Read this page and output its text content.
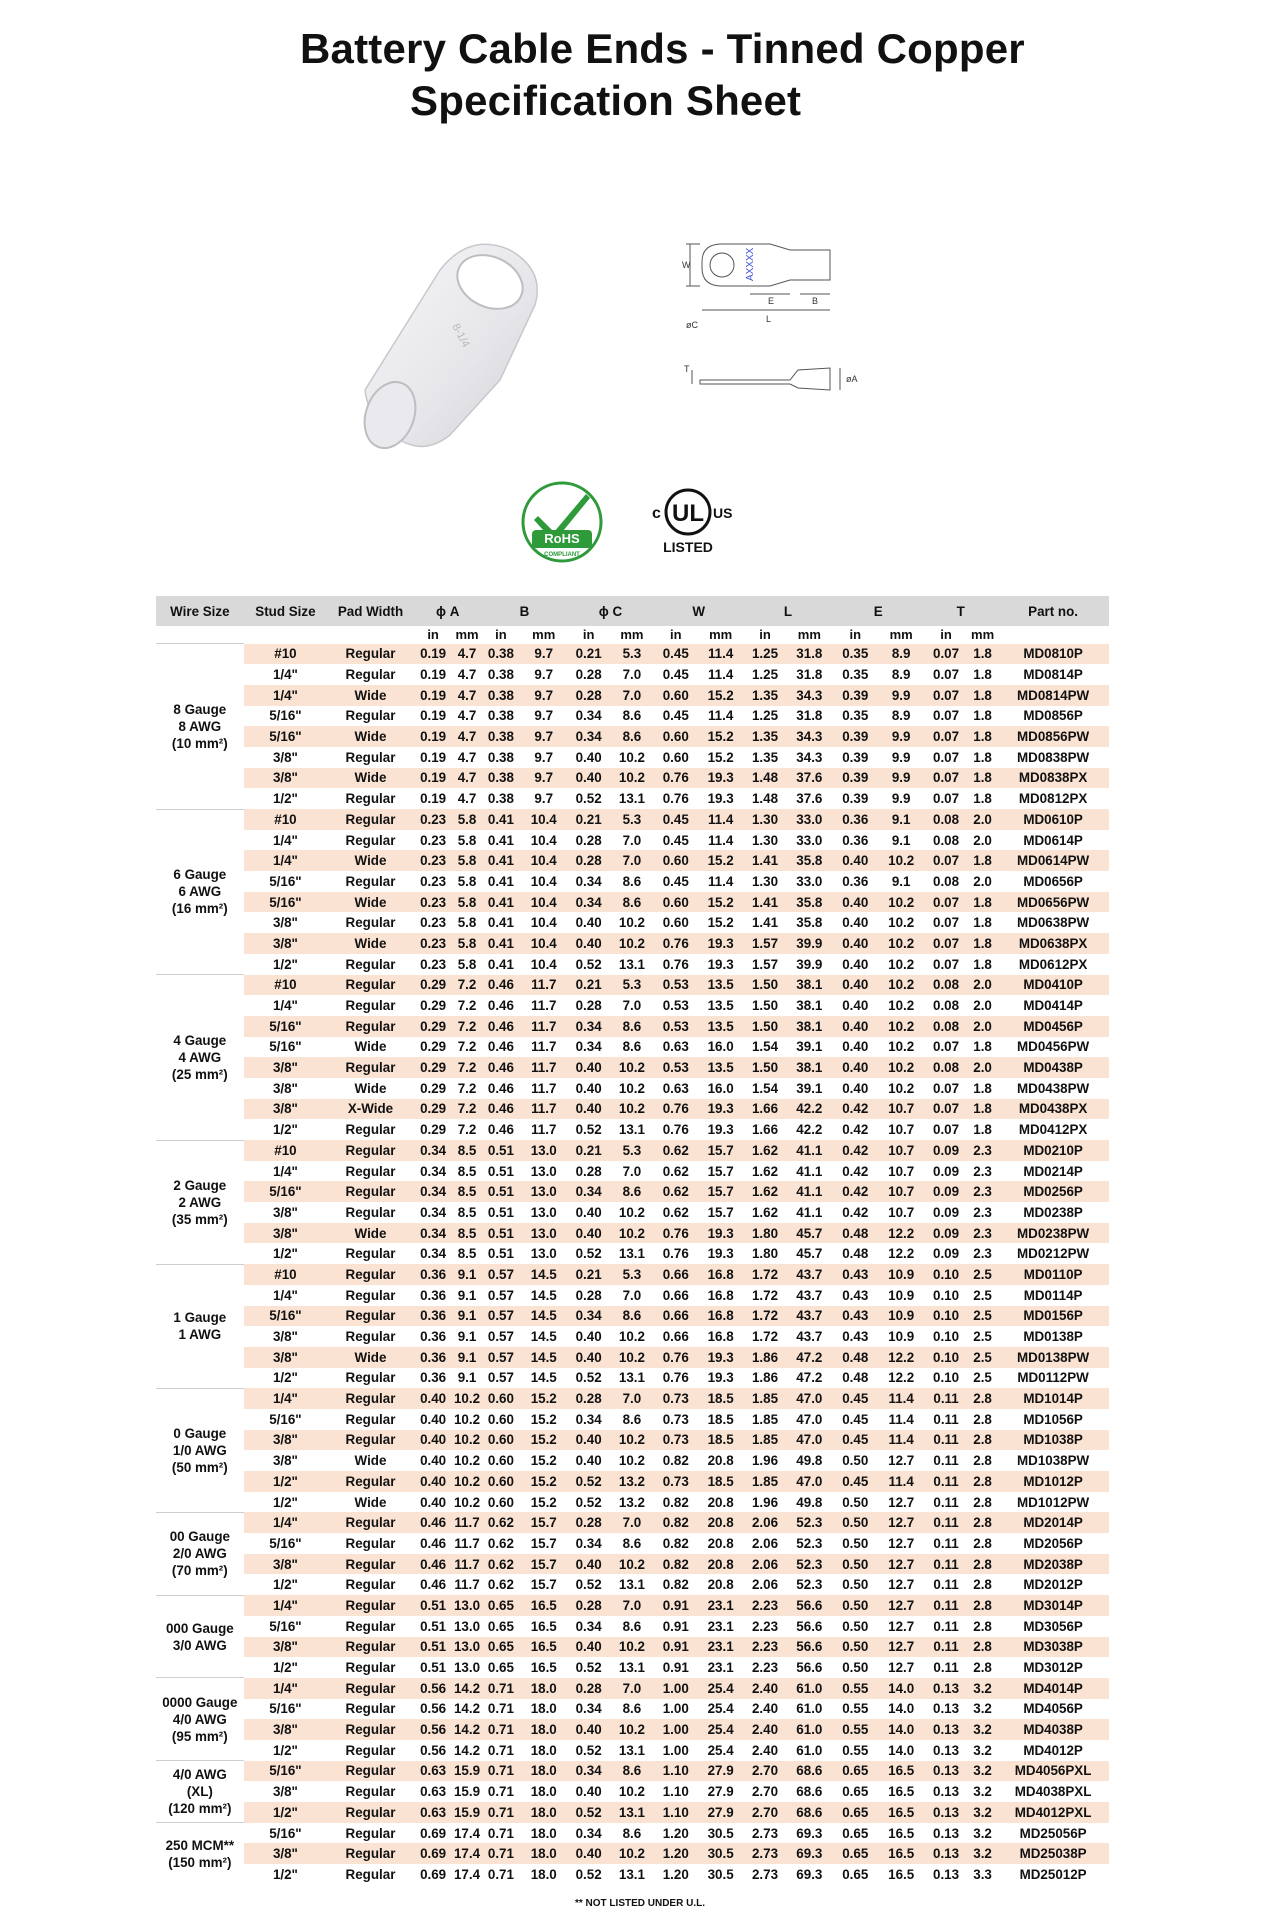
Battery Cable Ends - Tinned Copper
Specification Sheet
8-1/4
AXXXX
W
øC
E	B
L
T
øA
RoHS
COMPLIANT
UL
c	US
LISTED
Wire Size	Stud Size	Pad Width	ϕ A		B		ϕ C		W		L		E		T		Part no.
			in	mm	in	mm	in	mm	in	mm	in	mm	in	mm	in	mm	

8 Gauge
8 AWG
(10 mm²)	#10	Regular	0.19	4.7	0.38	9.7	0.21	5.3	0.45	11.4	1.25	31.8	0.35	8.9	0.07	1.8	MD0810P
	1/4"	Regular	0.19	4.7	0.38	9.7	0.28	7.0	0.45	11.4	1.25	31.8	0.35	8.9	0.07	1.8	MD0814P
	1/4"	Wide	0.19	4.7	0.38	9.7	0.28	7.0	0.60	15.2	1.35	34.3	0.39	9.9	0.07	1.8	MD0814PW
	5/16"	Regular	0.19	4.7	0.38	9.7	0.34	8.6	0.45	11.4	1.25	31.8	0.35	8.9	0.07	1.8	MD0856P
	5/16"	Wide	0.19	4.7	0.38	9.7	0.34	8.6	0.60	15.2	1.35	34.3	0.39	9.9	0.07	1.8	MD0856PW
	3/8"	Regular	0.19	4.7	0.38	9.7	0.40	10.2	0.60	15.2	1.35	34.3	0.39	9.9	0.07	1.8	MD0838PW
	3/8"	Wide	0.19	4.7	0.38	9.7	0.40	10.2	0.76	19.3	1.48	37.6	0.39	9.9	0.07	1.8	MD0838PX
	1/2"	Regular	0.19	4.7	0.38	9.7	0.52	13.1	0.76	19.3	1.48	37.6	0.39	9.9	0.07	1.8	MD0812PX

6 Gauge
6 AWG
(16 mm²)	#10	Regular	0.23	5.8	0.41	10.4	0.21	5.3	0.45	11.4	1.30	33.0	0.36	9.1	0.08	2.0	MD0610P
	1/4"	Regular	0.23	5.8	0.41	10.4	0.28	7.0	0.45	11.4	1.30	33.0	0.36	9.1	0.08	2.0	MD0614P
	1/4"	Wide	0.23	5.8	0.41	10.4	0.28	7.0	0.60	15.2	1.41	35.8	0.40	10.2	0.07	1.8	MD0614PW
	5/16"	Regular	0.23	5.8	0.41	10.4	0.34	8.6	0.45	11.4	1.30	33.0	0.36	9.1	0.08	2.0	MD0656P
	5/16"	Wide	0.23	5.8	0.41	10.4	0.34	8.6	0.60	15.2	1.41	35.8	0.40	10.2	0.07	1.8	MD0656PW
	3/8"	Regular	0.23	5.8	0.41	10.4	0.40	10.2	0.60	15.2	1.41	35.8	0.40	10.2	0.07	1.8	MD0638PW
	3/8"	Wide	0.23	5.8	0.41	10.4	0.40	10.2	0.76	19.3	1.57	39.9	0.40	10.2	0.07	1.8	MD0638PX
	1/2"	Regular	0.23	5.8	0.41	10.4	0.52	13.1	0.76	19.3	1.57	39.9	0.40	10.2	0.07	1.8	MD0612PX

4 Gauge
4 AWG
(25 mm²)	#10	Regular	0.29	7.2	0.46	11.7	0.21	5.3	0.53	13.5	1.50	38.1	0.40	10.2	0.08	2.0	MD0410P
	1/4"	Regular	0.29	7.2	0.46	11.7	0.28	7.0	0.53	13.5	1.50	38.1	0.40	10.2	0.08	2.0	MD0414P
	5/16"	Regular	0.29	7.2	0.46	11.7	0.34	8.6	0.53	13.5	1.50	38.1	0.40	10.2	0.08	2.0	MD0456P
	5/16"	Wide	0.29	7.2	0.46	11.7	0.34	8.6	0.63	16.0	1.54	39.1	0.40	10.2	0.07	1.8	MD0456PW
	3/8"	Regular	0.29	7.2	0.46	11.7	0.40	10.2	0.53	13.5	1.50	38.1	0.40	10.2	0.08	2.0	MD0438P
	3/8"	Wide	0.29	7.2	0.46	11.7	0.40	10.2	0.63	16.0	1.54	39.1	0.40	10.2	0.07	1.8	MD0438PW
	3/8"	X-Wide	0.29	7.2	0.46	11.7	0.40	10.2	0.76	19.3	1.66	42.2	0.42	10.7	0.07	1.8	MD0438PX
	1/2"	Regular	0.29	7.2	0.46	11.7	0.52	13.1	0.76	19.3	1.66	42.2	0.42	10.7	0.07	1.8	MD0412PX

2 Gauge
2 AWG
(35 mm²)	#10	Regular	0.34	8.5	0.51	13.0	0.21	5.3	0.62	15.7	1.62	41.1	0.42	10.7	0.09	2.3	MD0210P
	1/4"	Regular	0.34	8.5	0.51	13.0	0.28	7.0	0.62	15.7	1.62	41.1	0.42	10.7	0.09	2.3	MD0214P
	5/16"	Regular	0.34	8.5	0.51	13.0	0.34	8.6	0.62	15.7	1.62	41.1	0.42	10.7	0.09	2.3	MD0256P
	3/8"	Regular	0.34	8.5	0.51	13.0	0.40	10.2	0.62	15.7	1.62	41.1	0.42	10.7	0.09	2.3	MD0238P
	3/8"	Wide	0.34	8.5	0.51	13.0	0.40	10.2	0.76	19.3	1.80	45.7	0.48	12.2	0.09	2.3	MD0238PW
	1/2"	Regular	0.34	8.5	0.51	13.0	0.52	13.1	0.76	19.3	1.80	45.7	0.48	12.2	0.09	2.3	MD0212PW

1 Gauge
1 AWG	#10	Regular	0.36	9.1	0.57	14.5	0.21	5.3	0.66	16.8	1.72	43.7	0.43	10.9	0.10	2.5	MD0110P
	1/4"	Regular	0.36	9.1	0.57	14.5	0.28	7.0	0.66	16.8	1.72	43.7	0.43	10.9	0.10	2.5	MD0114P
	5/16"	Regular	0.36	9.1	0.57	14.5	0.34	8.6	0.66	16.8	1.72	43.7	0.43	10.9	0.10	2.5	MD0156P
	3/8"	Regular	0.36	9.1	0.57	14.5	0.40	10.2	0.66	16.8	1.72	43.7	0.43	10.9	0.10	2.5	MD0138P
	3/8"	Wide	0.36	9.1	0.57	14.5	0.40	10.2	0.76	19.3	1.86	47.2	0.48	12.2	0.10	2.5	MD0138PW
	1/2"	Regular	0.36	9.1	0.57	14.5	0.52	13.1	0.76	19.3	1.86	47.2	0.48	12.2	0.10	2.5	MD0112PW

0 Gauge
1/0 AWG
(50 mm²)	1/4"	Regular	0.40	10.2	0.60	15.2	0.28	7.0	0.73	18.5	1.85	47.0	0.45	11.4	0.11	2.8	MD1014P
	5/16"	Regular	0.40	10.2	0.60	15.2	0.34	8.6	0.73	18.5	1.85	47.0	0.45	11.4	0.11	2.8	MD1056P
	3/8"	Regular	0.40	10.2	0.60	15.2	0.40	10.2	0.73	18.5	1.85	47.0	0.45	11.4	0.11	2.8	MD1038P
	3/8"	Wide	0.40	10.2	0.60	15.2	0.40	10.2	0.82	20.8	1.96	49.8	0.50	12.7	0.11	2.8	MD1038PW
	1/2"	Regular	0.40	10.2	0.60	15.2	0.52	13.2	0.73	18.5	1.85	47.0	0.45	11.4	0.11	2.8	MD1012P
	1/2"	Wide	0.40	10.2	0.60	15.2	0.52	13.2	0.82	20.8	1.96	49.8	0.50	12.7	0.11	2.8	MD1012PW

00 Gauge
2/0 AWG
(70 mm²)	1/4"	Regular	0.46	11.7	0.62	15.7	0.28	7.0	0.82	20.8	2.06	52.3	0.50	12.7	0.11	2.8	MD2014P
	5/16"	Regular	0.46	11.7	0.62	15.7	0.34	8.6	0.82	20.8	2.06	52.3	0.50	12.7	0.11	2.8	MD2056P
	3/8"	Regular	0.46	11.7	0.62	15.7	0.40	10.2	0.82	20.8	2.06	52.3	0.50	12.7	0.11	2.8	MD2038P
	1/2"	Regular	0.46	11.7	0.62	15.7	0.52	13.1	0.82	20.8	2.06	52.3	0.50	12.7	0.11	2.8	MD2012P

000 Gauge
3/0 AWG	1/4"	Regular	0.51	13.0	0.65	16.5	0.28	7.0	0.91	23.1	2.23	56.6	0.50	12.7	0.11	2.8	MD3014P
	5/16"	Regular	0.51	13.0	0.65	16.5	0.34	8.6	0.91	23.1	2.23	56.6	0.50	12.7	0.11	2.8	MD3056P
	3/8"	Regular	0.51	13.0	0.65	16.5	0.40	10.2	0.91	23.1	2.23	56.6	0.50	12.7	0.11	2.8	MD3038P
	1/2"	Regular	0.51	13.0	0.65	16.5	0.52	13.1	0.91	23.1	2.23	56.6	0.50	12.7	0.11	2.8	MD3012P

0000 Gauge
4/0 AWG
(95 mm²)	1/4"	Regular	0.56	14.2	0.71	18.0	0.28	7.0	1.00	25.4	2.40	61.0	0.55	14.0	0.13	3.2	MD4014P
	5/16"	Regular	0.56	14.2	0.71	18.0	0.34	8.6	1.00	25.4	2.40	61.0	0.55	14.0	0.13	3.2	MD4056P
	3/8"	Regular	0.56	14.2	0.71	18.0	0.40	10.2	1.00	25.4	2.40	61.0	0.55	14.0	0.13	3.2	MD4038P
	1/2"	Regular	0.56	14.2	0.71	18.0	0.52	13.1	1.00	25.4	2.40	61.0	0.55	14.0	0.13	3.2	MD4012P

4/0 AWG
(XL)
(120 mm²)	5/16"	Regular	0.63	15.9	0.71	18.0	0.34	8.6	1.10	27.9	2.70	68.6	0.65	16.5	0.13	3.2	MD4056PXL
	3/8"	Regular	0.63	15.9	0.71	18.0	0.40	10.2	1.10	27.9	2.70	68.6	0.65	16.5	0.13	3.2	MD4038PXL
	1/2"	Regular	0.63	15.9	0.71	18.0	0.52	13.1	1.10	27.9	2.70	68.6	0.65	16.5	0.13	3.2	MD4012PXL

250 MCM**
(150 mm²)	5/16"	Regular	0.69	17.4	0.71	18.0	0.34	8.6	1.20	30.5	2.73	69.3	0.65	16.5	0.13	3.2	MD25056P
	3/8"	Regular	0.69	17.4	0.71	18.0	0.40	10.2	1.20	30.5	2.73	69.3	0.65	16.5	0.13	3.2	MD25038P
	1/2"	Regular	0.69	17.4	0.71	18.0	0.52	13.1	1.20	30.5	2.73	69.3	0.65	16.5	0.13	3.3	MD25012P
** NOT LISTED UNDER U.L.
